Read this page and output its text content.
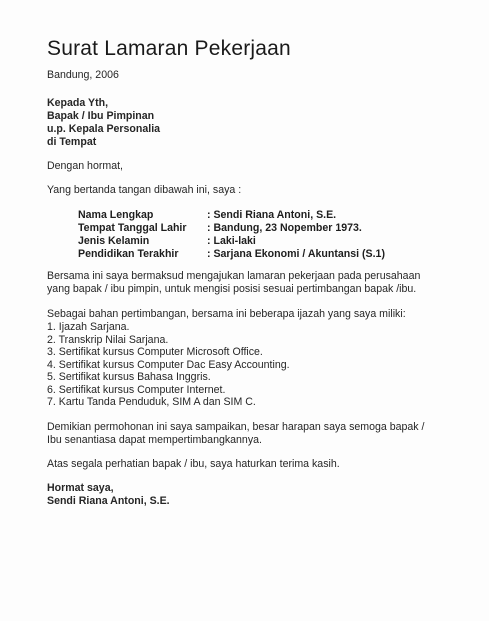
Surat Lamaran Pekerjaan
Bandung, 2006
Kepada Yth,
Bapak / Ibu Pimpinan
u.p. Kepala Personalia
di Tempat
Dengan hormat,
Yang bertanda tangan dibawah ini, saya :
Nama Lengkap	: Sendi Riana Antoni, S.E.
Tempat Tanggal Lahir : Bandung, 23 Nopember 1973.
Jenis Kelamin	: Laki-laki
Pendidikan Terakhir	: Sarjana Ekonomi / Akuntansi (S.1)
Bersama ini saya bermaksud mengajukan lamaran pekerjaan pada perusahaan
yang bapak / ibu pimpin, untuk mengisi posisi sesuai pertimbangan bapak /ibu.
Sebagai bahan pertimbangan, bersama ini beberapa ijazah yang saya miliki:
1. Ijazah Sarjana.
2. Transkrip Nilai Sarjana.
3. Sertifikat kursus Computer Microsoft Office.
4. Sertifikat kursus Computer Dac Easy Accounting.
5. Sertifikat kursus Bahasa Inggris.
6. Sertifikat kursus Computer Internet.
7. Kartu Tanda Penduduk, SIM A dan SIM C.
Demikian permohonan ini saya sampaikan, besar harapan saya semoga bapak /
Ibu senantiasa dapat mempertimbangkannya.
Atas segala perhatian bapak / ibu, saya haturkan terima kasih.
Hormat saya,
Sendi Riana Antoni, S.E.
